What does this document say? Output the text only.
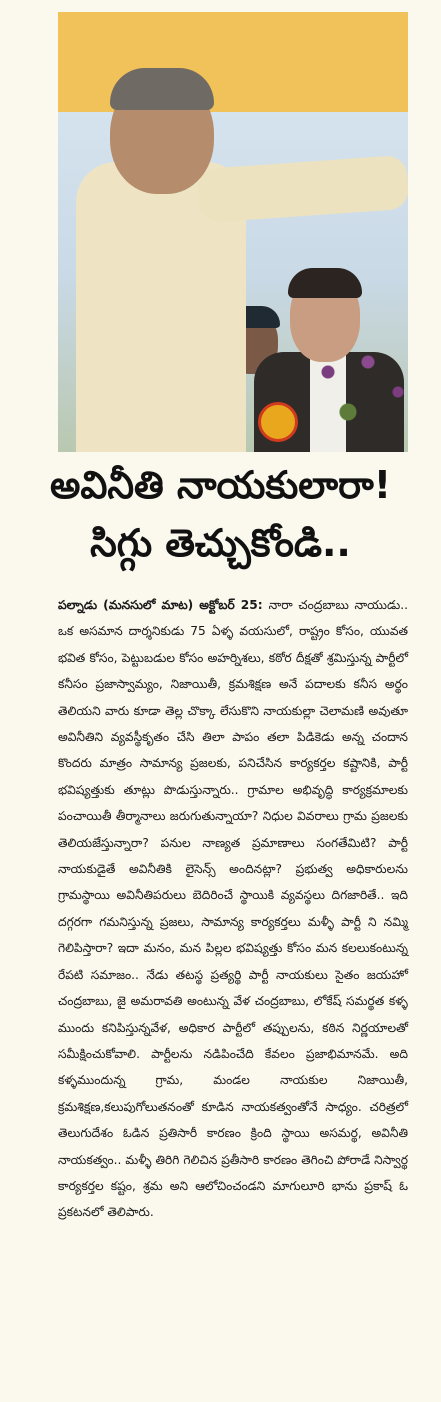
అవినీతి నాయకులారా!
సిగ్గు తెచ్చుకోండి..
పల్నాడు (మనసులో మాట) అక్టోబర్ 25: నారా చంద్రబాబు నాయుడు.. ఒక అసమాన దార్శనికుడు 75 ఏళ్ళ వయసులో, రాష్ట్రం కోసం, యువత భవిత కోసం, పెట్టుబడుల కోసం అహర్నిశలు, కఠోర దీక్షతో శ్రమిస్తున్న పార్టీలో కనీసం ప్రజాస్వామ్యం, నిజాయితీ, క్రమశిక్షణ అనే పదాలకు కనీస అర్థం తెలియని వారు కూడా తెల్ల చొక్కా లేసుకొని నాయకుల్లా చెలామణి అవుతూ అవినీతిని వ్యవస్థీకృతం చేసి తిలా పాపం తలా పిడికెడు అన్న చందాన కొందరు మాత్రం సామాన్య ప్రజలకు, పనిచేసిన కార్యకర్తల కష్టానికి, పార్టీ భవిష్యత్తుకు తూట్లు పొడుస్తున్నారు.. గ్రామాల అభివృద్ధి కార్యక్రమాలకు పంచాయితీ తీర్మానాలు జరుగుతున్నాయా? నిధుల వివరాలు గ్రామ ప్రజలకు తెలియజేస్తున్నారా? పనుల నాణ్యత ప్రమాణాలు సంగతేమిటి? పార్టీ నాయకుడైతే అవినీతికి లైసెన్స్ అందినట్లా? ప్రభుత్వ అధికారులను గ్రామస్థాయి అవినీతిపరులు బెదిరించే స్థాయికి వ్యవస్థలు దిగజారితే.. ఇది దగ్గరగా గమనిస్తున్న ప్రజలు, సామాన్య కార్యకర్తలు మళ్ళీ పార్టీ ని నమ్మి గెలిపిస్తారా? ఇదా మనం, మన పిల్లల భవిష్యత్తు కోసం మన కలలుకంటున్న రేపటి సమాజం.. నేడు తటస్థ ప్రత్యర్థి పార్టీ నాయకులు సైతం జయహో చంద్రబాబు, జై అమరావతి అంటున్న వేళ చంద్రబాబు, లోకేష్ సమర్థత కళ్ళ ముందు కనిపిస్తున్నవేళ, అధికార పార్టీలో తప్పులను, కఠిన నిర్ణయాలతో సమీక్షించుకోవాలి. పార్టీలను నడిపించేది కేవలం ప్రజాభిమానమే. అది కళ్ళముందున్న గ్రామ, మండల నాయకుల నిజాయితీ, క్రమశిక్షణ,కలుపుగోలుతనంతో కూడిన నాయకత్వంతోనే సాధ్యం. చరిత్రలో తెలుగుదేశం ఓడిన ప్రతిసారీ కారణం క్రింది స్థాయి అసమర్థ, అవినీతి నాయకత్వం.. మళ్ళీ తిరిగి గెలిచిన ప్రతీసారి కారణం తెగించి పోరాడే నిస్వార్థ కార్యకర్తల కష్టం, శ్రమ అని ఆలోచించండని మాగులూరి భాను ప్రకాష్ ఓ ప్రకటనలో తెలిపారు.
